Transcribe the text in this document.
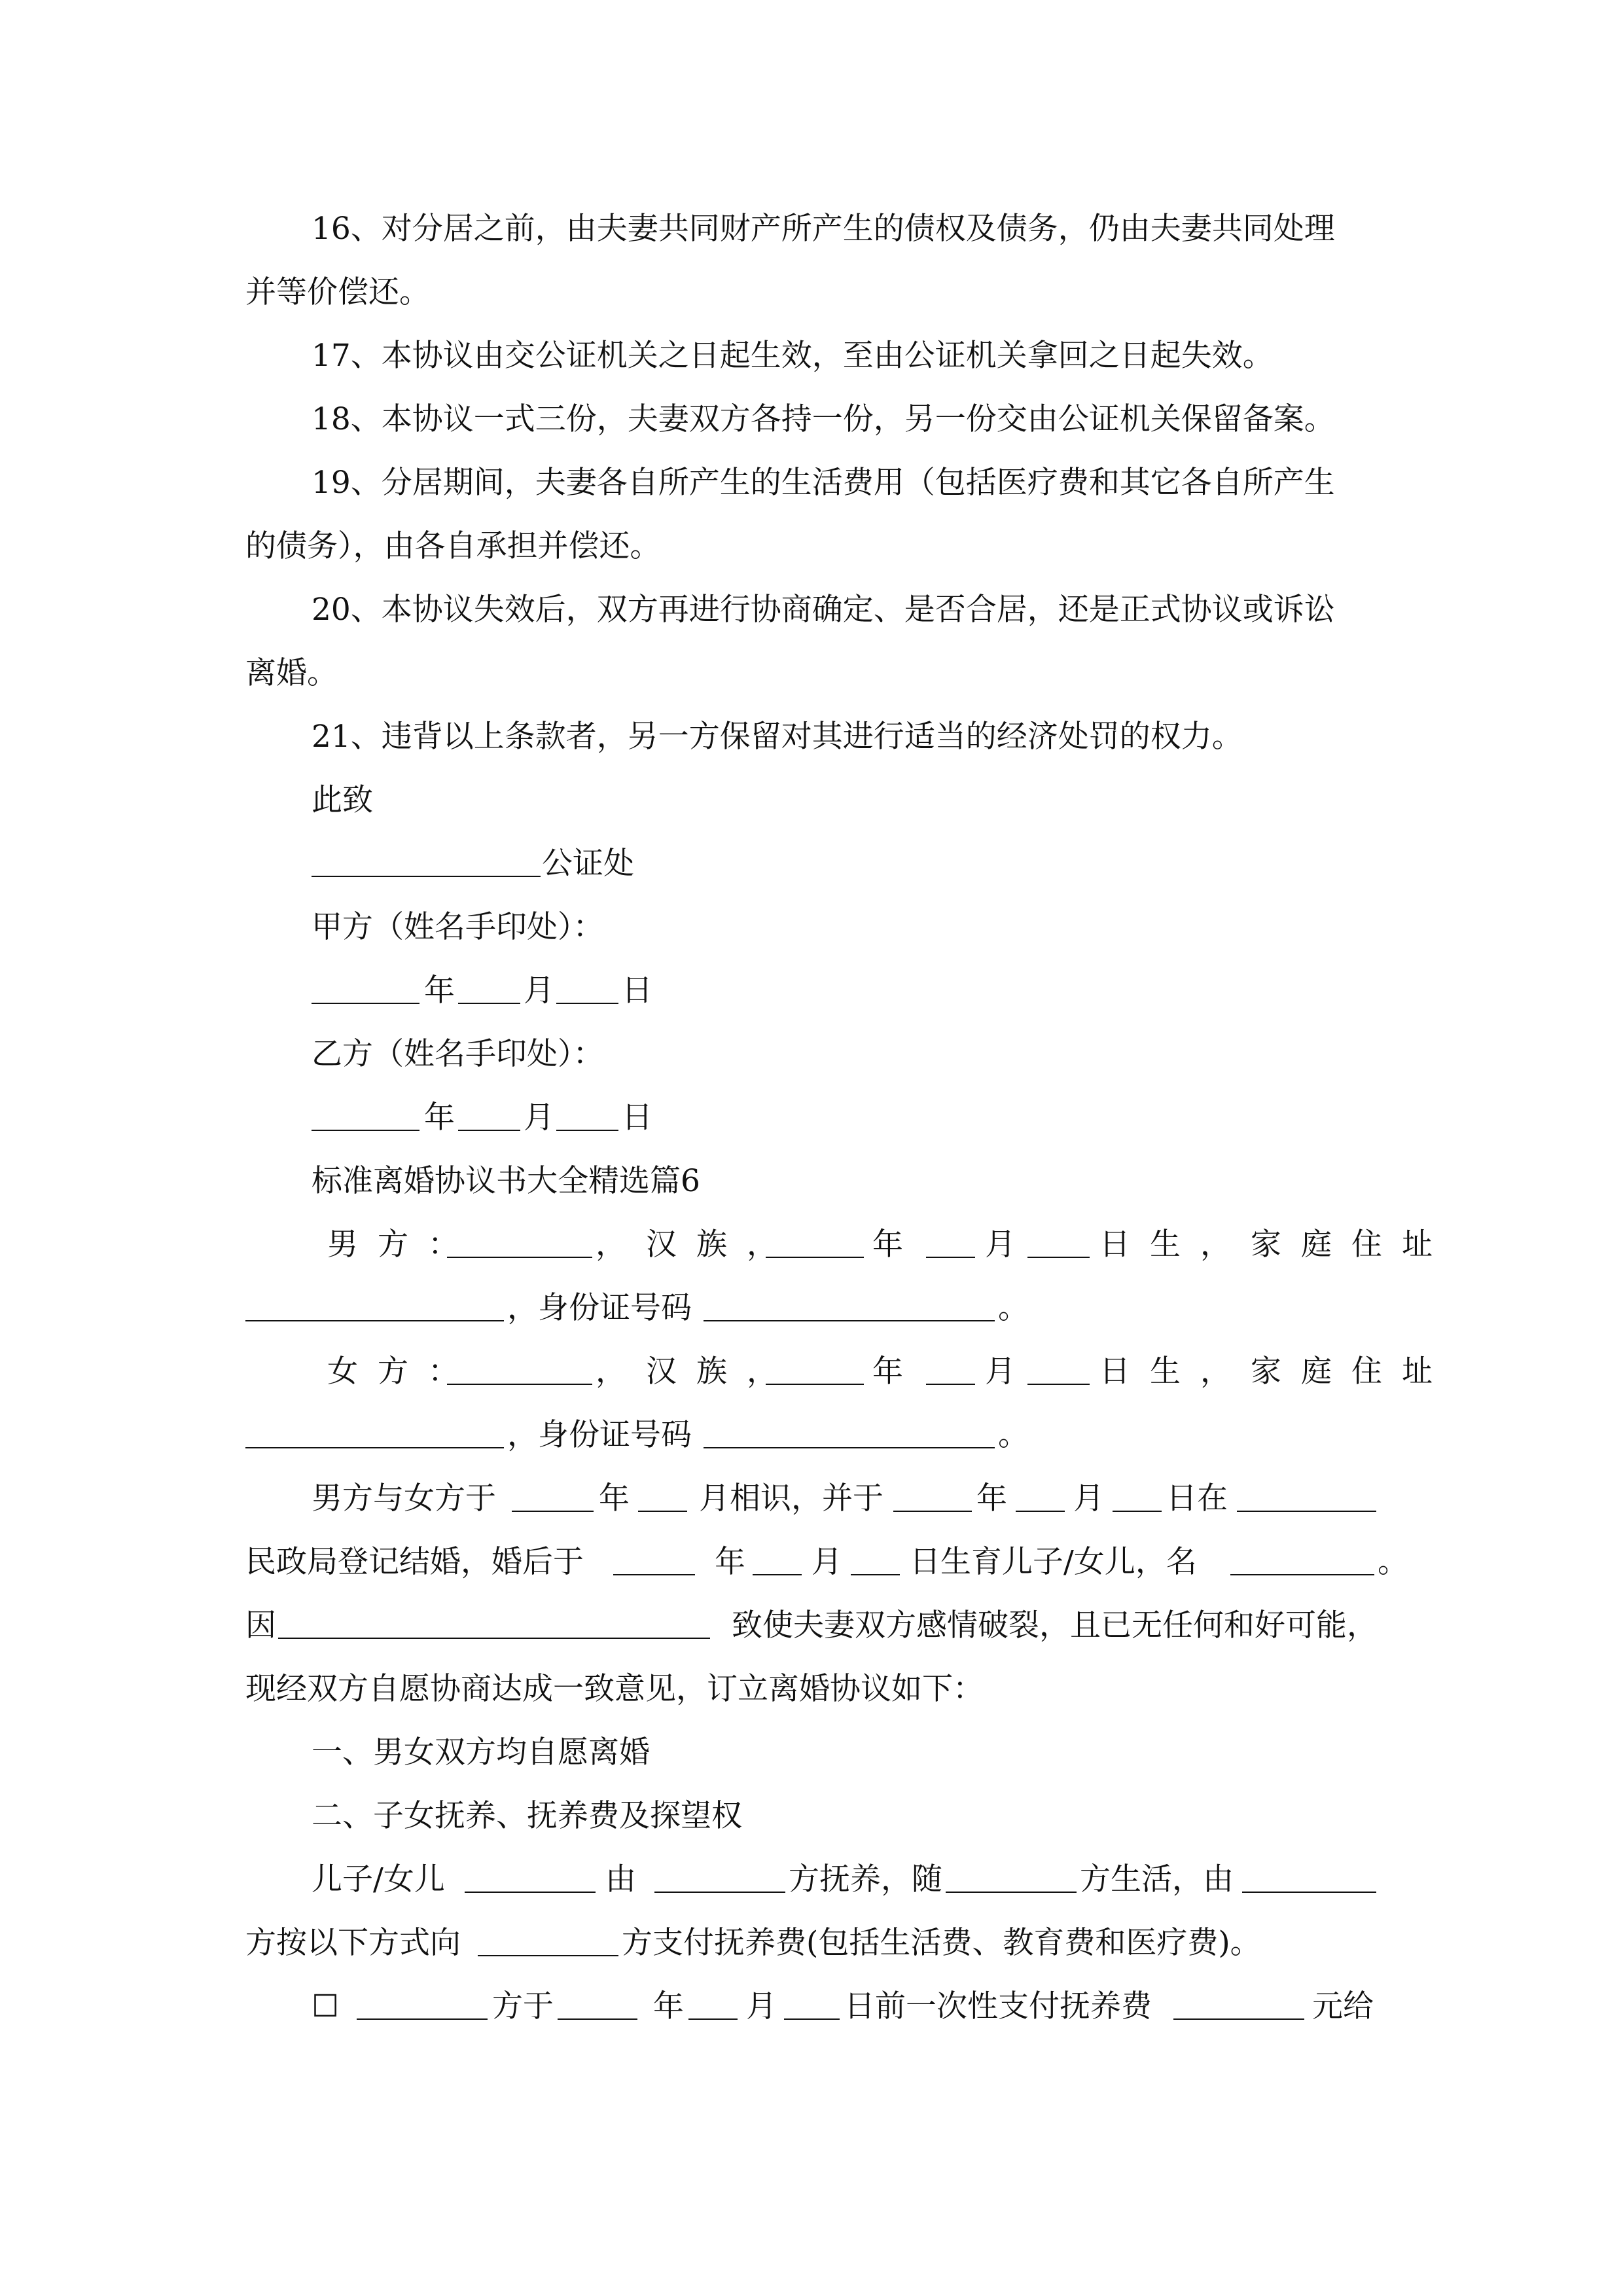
16、对分居之前，由夫妻共同财产所产生的债权及债务，仍由夫妻共同处理
并等价偿还。
17、本协议由交公证机关之日起生效，至由公证机关拿回之日起失效。
18、本协议一式三份，夫妻双方各持一份，另一份交由公证机关保留备案。
19、分居期间，夫妻各自所产生的生活费用（包括医疗费和其它各自所产生
的债务），由各自承担并偿还。
20、本协议失效后，双方再进行协商确定、是否合居，还是正式协议或诉讼
离婚。
21、违背以上条款者，另一方保留对其进行适当的经济处罚的权力。
此致
公证处
甲方（姓名手印处）：
年 月 日
乙方（姓名手印处）：
年 月 日
标准离婚协议书大全精选篇6
男方：	，汉族， 年	月	日生，家庭住址
，身份证号码	。
女方：	，汉族， 年	月	日生，家庭住址
，身份证号码	。
男方与女方于	年 月相识，并于	年 月 日在
民政局登记结婚，婚后于	年 月 日生育儿子/女儿，名	。
因	致使夫妻双方感情破裂，且已无任何和好可能，
现经双方自愿协商达成一致意见，订立离婚协议如下：
一、男女双方均自愿离婚
二、子女抚养、抚养费及探望权
儿子/女儿	由	方抚养，随	方生活，由
方按以下方式向	方支付抚养费(包括生活费、教育费和医疗费)。
☐	方于	年 月 日前一次性支付抚养费	元给
